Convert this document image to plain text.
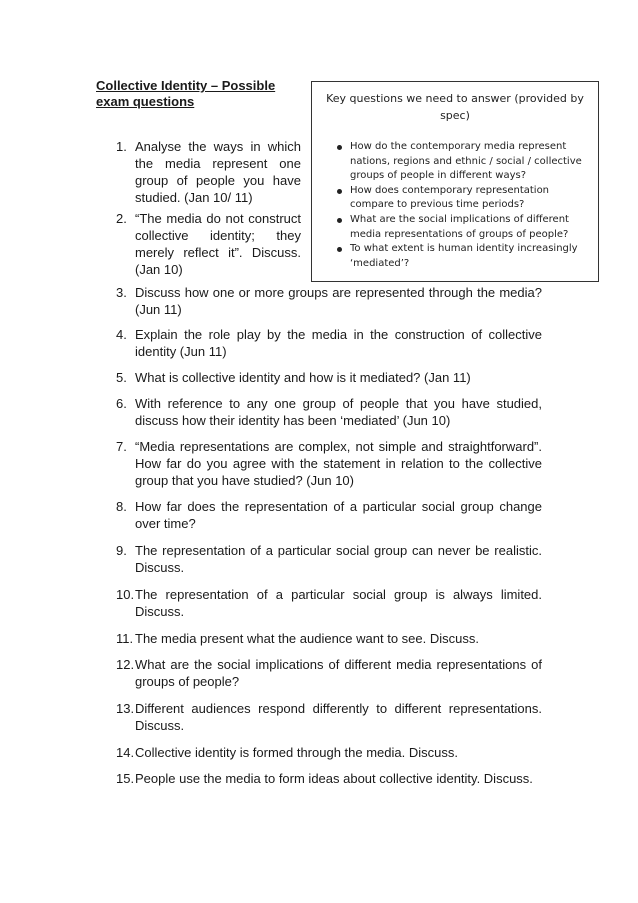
Collective Identity – Possible exam questions	Key questions we need to answer (provided by spec)
How do the contemporary media represent nations, regions and ethnic / social / collective groups of people in different ways?
How does contemporary representation compare to previous time periods?
What are the social implications of different media representations of groups of people?
To what extent is human identity increasingly ‘mediated’?
1. Analyse the ways in which the media represent one group of people you have studied. (Jan 10/ 11)
2. “The media do not construct collective identity; they merely reflect it”. Discuss. (Jan 10)
3. Discuss how one or more groups are represented through the media? (Jun 11)
4. Explain the role play by the media in the construction of collective identity (Jun 11)
5. What is collective identity and how is it mediated? (Jan 11)
6. With reference to any one group of people that you have studied, discuss how their identity has been ‘mediated’ (Jun 10)
7. “Media representations are complex, not simple and straightforward”. How far do you agree with the statement in relation to the collective group that you have studied? (Jun 10)
8. How far does the representation of a particular social group change over time?
9. The representation of a particular social group can never be realistic. Discuss.
10. The representation of a particular social group is always limited. Discuss.
11. The media present what the audience want to see. Discuss.
12. What are the social implications of different media representations of groups of people?
13. Different audiences respond differently to different representations. Discuss.
14. Collective identity is formed through the media. Discuss.
15. People use the media to form ideas about collective identity. Discuss.
